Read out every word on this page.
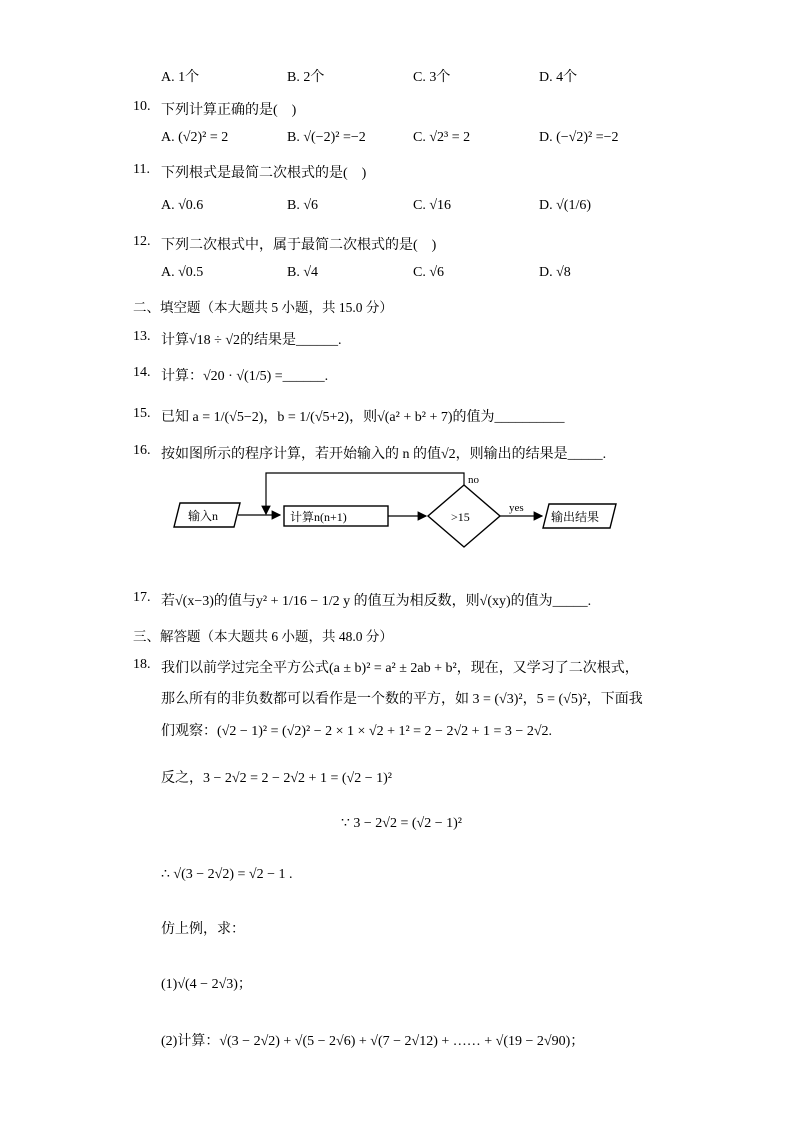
A. 1个	B. 2个	C. 3个	D. 4个
10. 下列计算正确的是(　)
A. (√2)² = 2	B. √(−2)² =−2	C. √2³ = 2	D. (−√2)² =−2
11. 下列根式是最简二次根式的是(　)
A. √0.6	B. √6	C. √16	D. √(1/6)
12. 下列二次根式中，属于最简二次根式的是(　)
A. √0.5	B. √4	C. √6	D. √8
二、填空题（本大题共 5 小题，共 15.0 分）
13. 计算√18 ÷ √2的结果是______.
14. 计算：√20 · √(1/5) =______.
15. 已知 a = 1/(√5−2)，b = 1/(√5+2)，则√(a² + b² + 7)的值为__________
16. 按如图所示的程序计算，若开始输入的 n 的值√2，则输出的结果是_____.
输入n	计算n(n+1)	>15
no
yes
输出结果
17. 若√(x−3)的值与y² + 1/16 − 1/2 y 的值互为相反数，则√(xy)的值为_____.
三、解答题（本大题共 6 小题，共 48.0 分）
18. 我们以前学过完全平方公式(a ± b)² = a² ± 2ab + b²，现在，又学习了二次根式，
那么所有的非负数都可以看作是一个数的平方，如 3 = (√3)²，5 = (√5)²，下面我
们观察：(√2 − 1)² = (√2)² − 2 × 1 × √2 + 1² = 2 − 2√2 + 1 = 3 − 2√2.
反之，3 − 2√2 = 2 − 2√2 + 1 = (√2 − 1)²
∵ 3 − 2√2 = (√2 − 1)²
∴ √(3 − 2√2) = √2 − 1 .
仿上例，求：
(1)√(4 − 2√3)；
(2)计算：√(3 − 2√2) + √(5 − 2√6) + √(7 − 2√12) + …… + √(19 − 2√90)；
